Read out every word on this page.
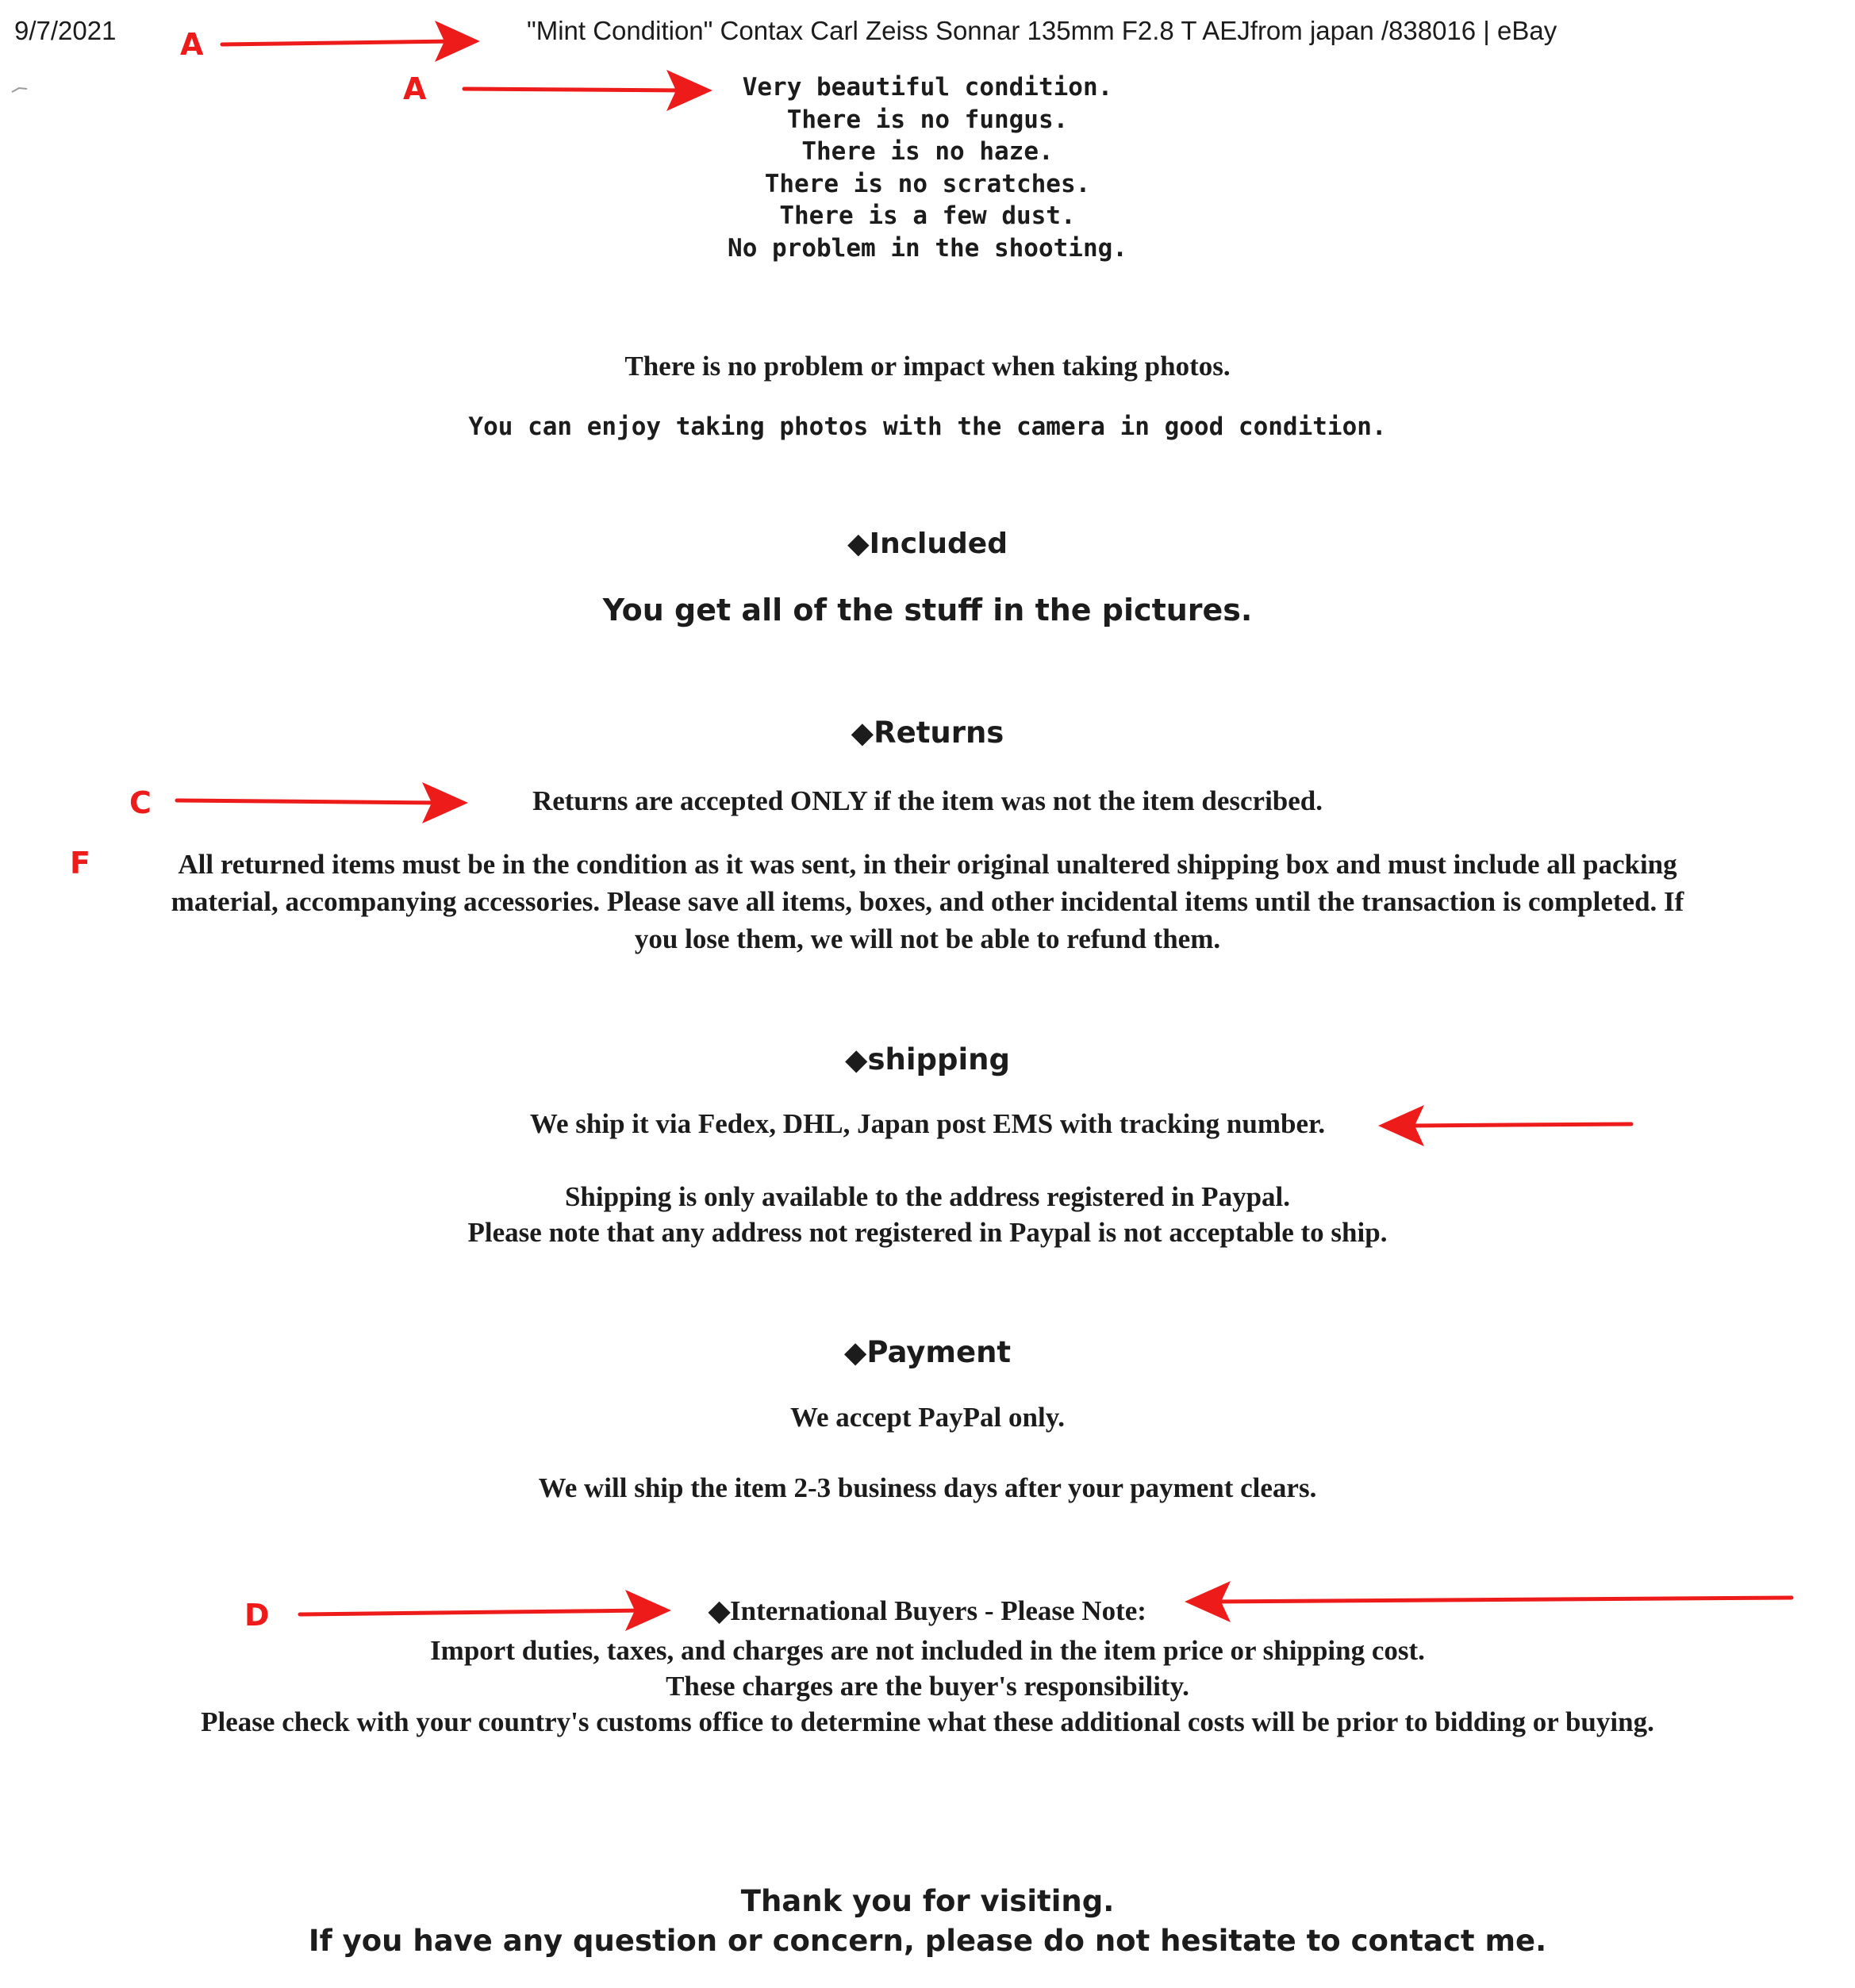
9/7/2021	"Mint Condition" Contax Carl Zeiss Sonnar 135mm F2.8 T AEJfrom japan /838016 | eBay
Very beautiful condition.
There is no fungus.
There is no haze.
There is no scratches.
There is a few dust.
No problem in the shooting.
There is no problem or impact when taking photos.
You can enjoy taking photos with the camera in good condition.
◆Included
You get all of the stuff in the pictures.
◆Returns
Returns are accepted ONLY if the item was not the item described.
All returned items must be in the condition as it was sent, in their original unaltered shipping box and must include all packing
material, accompanying accessories. Please save all items, boxes, and other incidental items until the transaction is completed. If
you lose them, we will not be able to refund them.
◆shipping
We ship it via Fedex, DHL, Japan post EMS with tracking number.
Shipping is only available to the address registered in Paypal.
Please note that any address not registered in Paypal is not acceptable to ship.
◆Payment
We accept PayPal only.
We will ship the item 2-3 business days after your payment clears.
◆International Buyers - Please Note:
Import duties, taxes, and charges are not included in the item price or shipping cost.
These charges are the buyer's responsibility.
Please check with your country's customs office to determine what these additional costs will be prior to bidding or buying.
Thank you for visiting.
If you have any question or concern, please do not hesitate to contact me.
A
A
C
F
D
